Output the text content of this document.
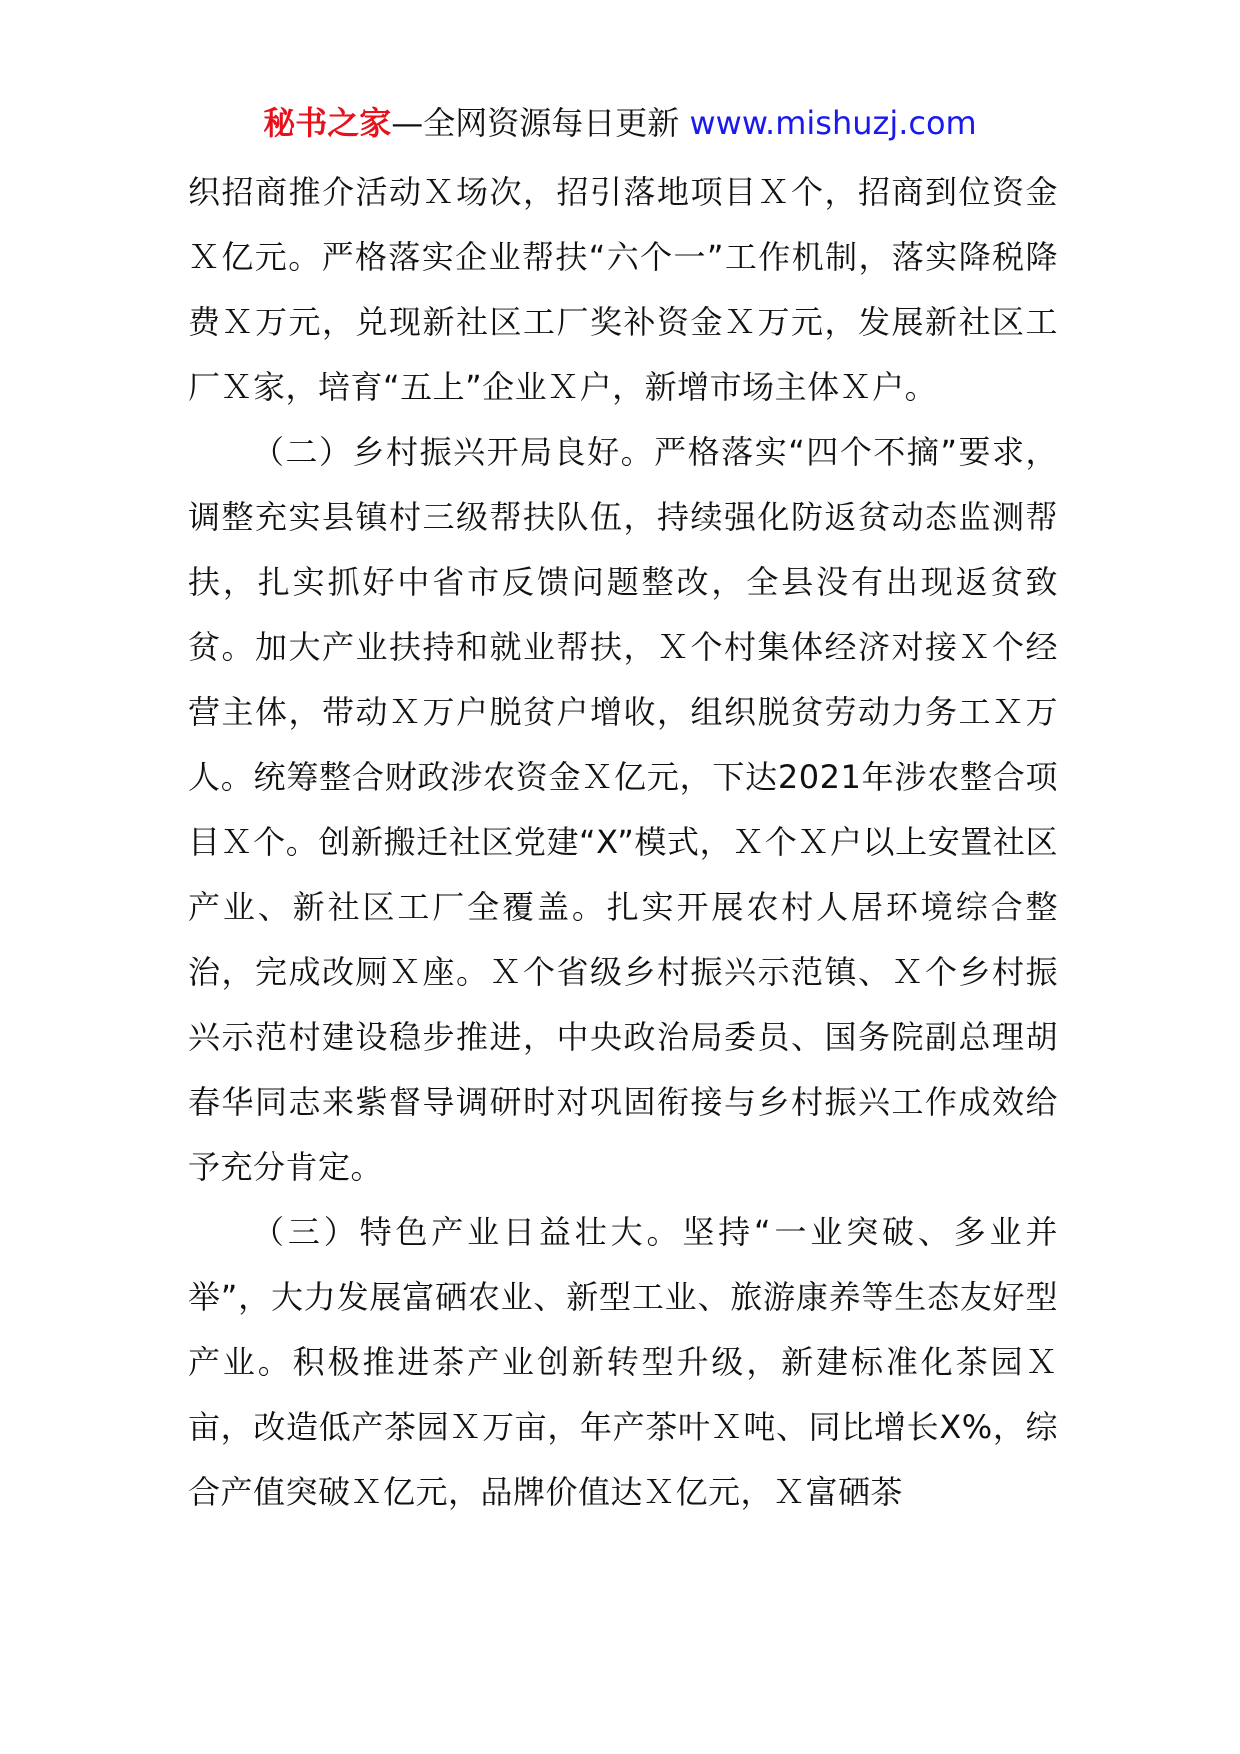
秘书之家—全网资源每日更新 www.mishuzj.com

织招商推介活动Ｘ场次，招引落地项目Ｘ个，招商到位资金Ｘ亿元。严格落实企业帮扶“六个一”工作机制，落实降税降费Ｘ万元，兑现新社区工厂奖补资金Ｘ万元，发展新社区工厂Ｘ家，培育“五上”企业Ｘ户，新增市场主体Ｘ户。

（二）乡村振兴开局良好。严格落实“四个不摘”要求，调整充实县镇村三级帮扶队伍，持续强化防返贫动态监测帮扶，扎实抓好中省市反馈问题整改，全县没有出现返贫致贫。加大产业扶持和就业帮扶，Ｘ个村集体经济对接Ｘ个经营主体，带动Ｘ万户脱贫户增收，组织脱贫劳动力务工Ｘ万人。统筹整合财政涉农资金Ｘ亿元，下达2021年涉农整合项目Ｘ个。创新搬迁社区党建“X”模式，Ｘ个Ｘ户以上安置社区产业、新社区工厂全覆盖。扎实开展农村人居环境综合整治，完成改厕Ｘ座。Ｘ个省级乡村振兴示范镇、Ｘ个乡村振兴示范村建设稳步推进，中央政治局委员、国务院副总理胡春华同志来紫督导调研时对巩固衔接与乡村振兴工作成效给予充分肯定。

（三）特色产业日益壮大。坚持“一业突破、多业并举”，大力发展富硒农业、新型工业、旅游康养等生态友好型产业。积极推进茶产业创新转型升级，新建标准化茶园Ｘ亩，改造低产茶园Ｘ万亩，年产茶叶Ｘ吨、同比增长X%，综合产值突破Ｘ亿元，品牌价值达Ｘ亿元，Ｘ富硒茶
